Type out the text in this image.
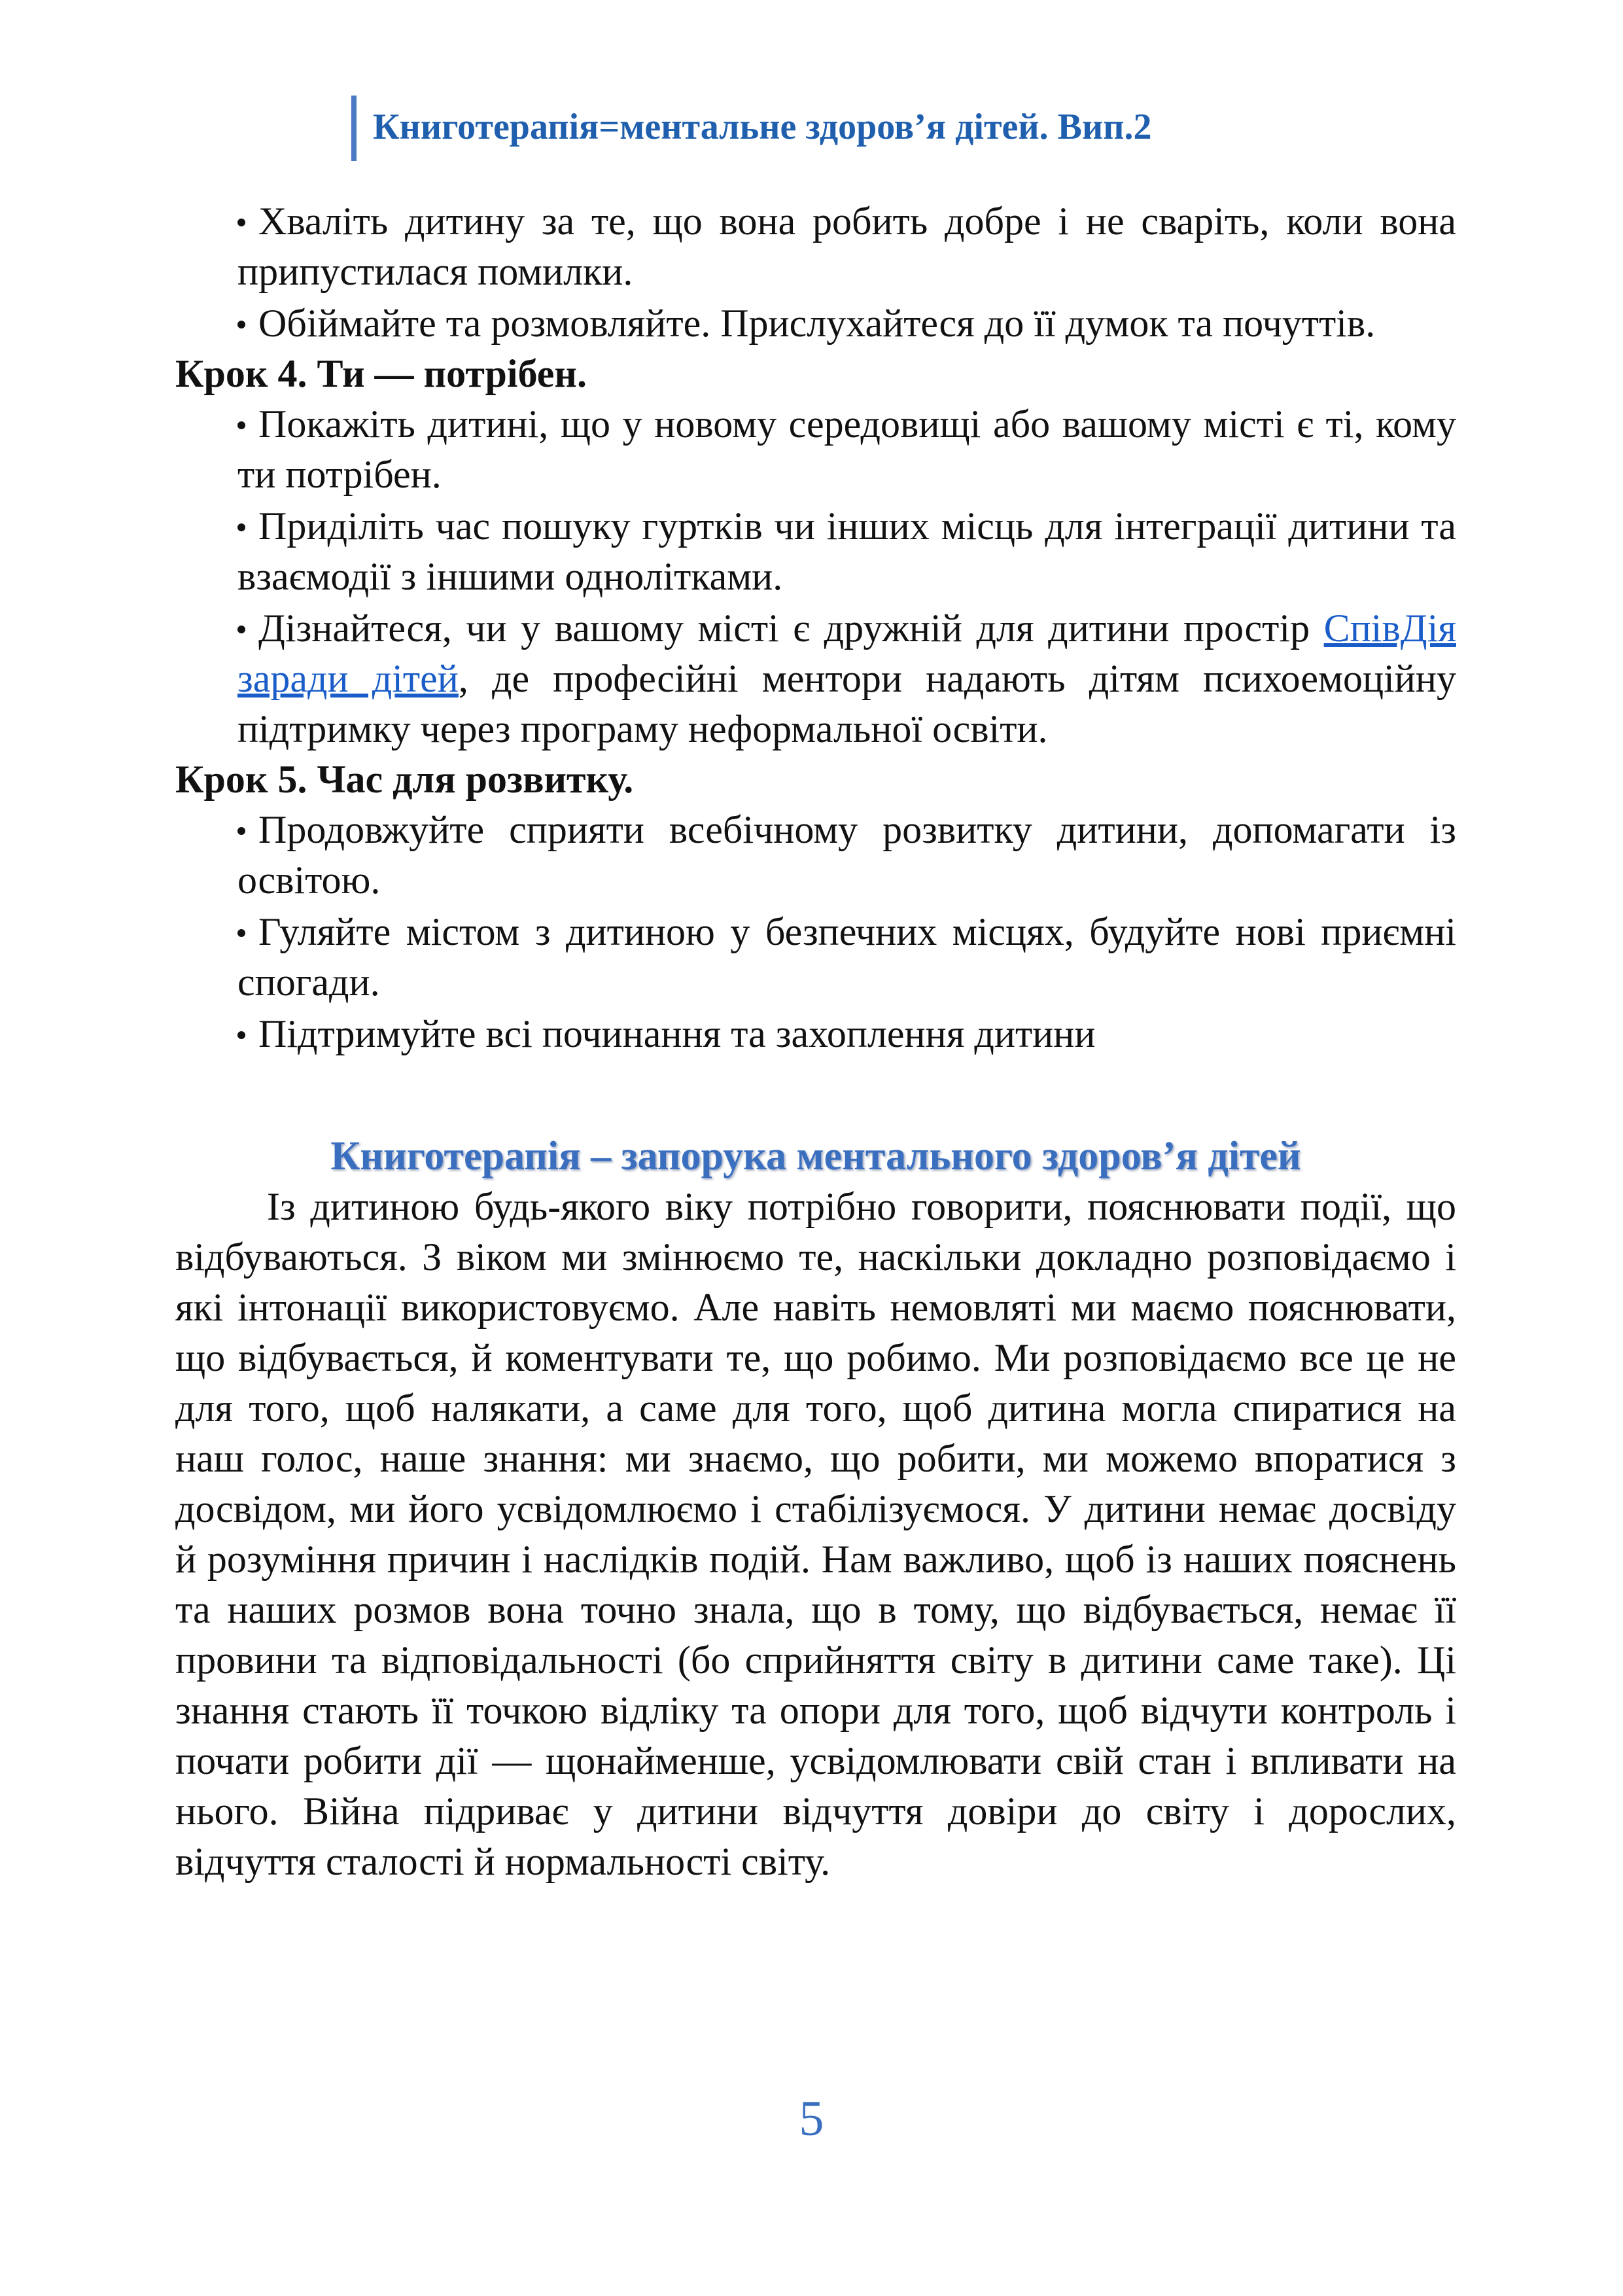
Книготерапія=ментальне здоров’я дітей. Вип.2

Хваліть дитину за те, що вона робить добре і не сваріть, коли вона припустилася помилки.

Обіймайте та розмовляйте. Прислухайтеся до її думок та почуттів.

Крок 4. Ти — потрібен.

Покажіть дитині, що у новому середовищі або вашому місті є ті, кому ти потрібен.

Приділіть час пошуку гуртків чи інших місць для інтеграції дитини та взаємодії з іншими однолітками.

Дізнайтеся, чи у вашому місті є дружній для дитини простір СпівДія заради дітей, де професійні ментори надають дітям психоемоційну підтримку через програму неформальної освіти.

Крок 5. Час для розвитку.

Продовжуйте сприяти всебічному розвитку дитини, допомагати із освітою.

Гуляйте містом з дитиною у безпечних місцях, будуйте нові приємні спогади.

Підтримуйте всі починання та захоплення дитини

Книготерапія – запорука ментального здоров’я дітей

Із дитиною будь-якого віку потрібно говорити, пояснювати події, що відбуваються. З віком ми змінюємо те, наскільки докладно розповідаємо і які інтонації використовуємо. Але навіть немовляті ми маємо пояснювати, що відбувається, й коментувати те, що робимо. Ми розповідаємо все це не для того, щоб налякати, а саме для того, щоб дитина могла спиратися на наш голос, наше знання: ми знаємо, що робити, ми можемо впоратися з досвідом, ми його усвідомлюємо і стабілізуємося. У дитини немає досвіду й розуміння причин і наслідків подій. Нам важливо, щоб із наших пояснень та наших розмов вона точно знала, що в тому, що відбувається, немає її провини та відповідальності (бо сприйняття світу в дитини саме таке). Ці знання стають її точкою відліку та опори для того, щоб відчути контроль і почати робити дії — щонайменше, усвідомлювати свій стан і впливати на нього. Війна підриває у дитини відчуття довіри до світу і дорослих, відчуття сталості й нормальності світу.

5
